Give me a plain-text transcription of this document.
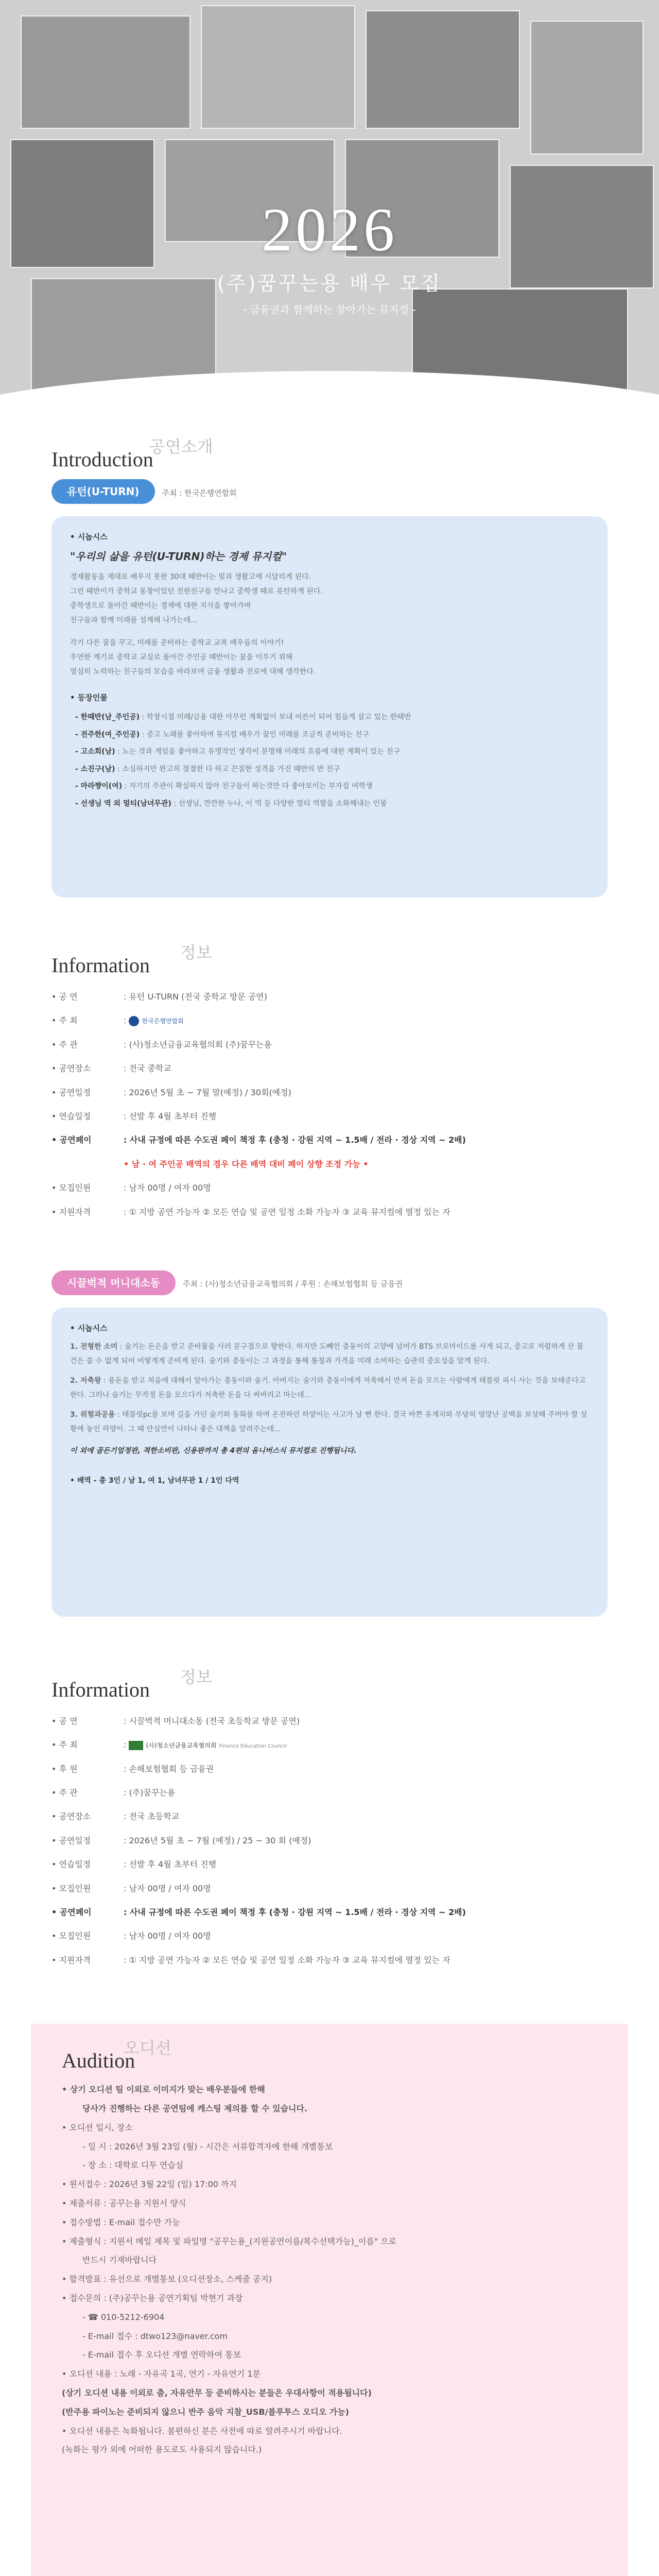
2026
(주)꿈꾸는용 배우 모집
- 금융권과 함께하는 찾아가는 뮤지컬 -
Introduction
공연소개
유턴(U-TURN)	주최 : 한국은행연합회
• 시놉시스
"우리의 삶을 유턴(U-TURN)하는 경제 뮤지컬"

경제활동을 제대로 배우지 못한 30대 때반이는 빚과 생활고에 시달리게 된다.

그런 때반이가 중학교 동창이었던 친한친구들 만나고 중학생 때로 유턴하게 된다.

중학생으로 돌아간 때반이는 경제에 대한 지식을 쌓아가며

친구들과 함께 미래를 설계해 나가는데...

각기 다른 꿈을 꾸고, 미래를 준비하는 중학교 교복 배우들의 이야기!

우연한 계기로 중학교 교실로 돌아간 주인공 때반이는 꿈을 이루기 위해

열심히 노력하는 친구들의 모습을 바라보며 금융 생활과 진로에 대해 생각한다.

• 등장인물
- 한때반(남_주인공) : 학창시절 미래/금융 대한 아무런 계획없이 보내 어른이 되어 힘들게 살고 있는 한때반
- 전주한(여_주인공) : 중고 노래를 좋아하며 뮤지컬 배우가 꿈인 미래를 조금씩 준비하는 친구
- 고소희(남) : 노는 것과 게임을 좋아하고 유명작인 생각이 분명해 미래의 흐름에 대한 계획이 있는 친구
- 소진구(남) : 소심하지만 완고히 절절한 다 하고 끈질한 성격을 가진 때반의 반 친구
- 마라쨩이(여) : 자기의 주관이 확실하지 않아 친구들이 하는것만 다 좋아보이는 부자집 여학생
- 선생님 역 외 멀티(남녀무관) : 선생님, 깐깐한 누나, 이 역 등 다양한 멀티 역할을 소화해내는 인물
Information
정보
• 공 연	: 유턴 U-TURN (전국 중학교 방문 공연)
• 주 최	:  한국은행연합회
• 주 관	: (사)청소년금융교육협의회 (주)꿈꾸는용
• 공연장소	: 전국 중학교
• 공연일정	: 2026년 5월 초 ~ 7월 말(예정) / 30회(예정)
• 연습일정	: 선발 후 4월 초부터 진행
• 공연페이	: 사내 규정에 따른 수도권 페이 책정 후 (충청 · 강원 지역 ~ 1.5배 / 전라 · 경상 지역 ~ 2배)
• 남 · 여 주인공 배역의 경우 다른 배역 대비 페이 상향 조정 가능 •
• 모집인원	: 남자 00명 / 여자 00명
• 지원자격	: ① 지방 공연 가능자 ② 모든 연습 및 공연 일정 소화 가능자 ③ 교육 뮤지컬에 열정 있는 자
시끌벅적 머니대소동	주최 : (사)청소년금융교육협의회 / 후원 : 손해보험협회 등 금융권
• 시놉시스

1. 전형한 소미 : 술기는 돈은을 받고 준비물을 사러 문구점으로 향한다. 하지만 도빼인 충동이의 고양에 넘어가 BTS 브로마이드를 사게 되고, 중고로 저렴하게 산 물건은 쓸 수 없게 되어 어떻게게 준비게 된다. 술기와 충동이는 그 과정을 통해 통칭과 가격을 미래 소비하는 습관의 중요성을 알게 된다.

2. 저축왕 : 용돈을 받고 처음에 대해서 알아가는 충동이와 술기. 아버지는 술기와 충동이에게 저축해서 만져 돈을 모으는 사람에게 태블릿 피시 사는 것을 보태준다고 한다. 그러나 술기는 무작정 돈을 모으다가 저축한 돈을 다 써버리고 마는데...

3. 위험과공용 : 태블릿pc를 보며 길을 가던 술기와 동화를 하며 온전하던 하양이는 사고가 날 뻔 한다. 결국 바쁜 유재치와 부당히 엉망난 공백을 보상해 주머야 할 상황에 놓인 하양이. 그 때 안심먼이 나타나 좋은 대책을 알려주는데...

이 외에 골든기업정판, 적한소비판, 신용판까지 총 4편의 옴니버스식 뮤지컬로 진행됩니다.

• 배역 - 총 3인 / 남 1, 여 1, 남녀무관 1 / 1인 다역

Information
정보
• 공 연	: 시끌벅적 머니대소동 (전국 초등학교 방문 공연)
• 주 최	:	(사)청소년금융교육협의회 Finance Education Council
• 후 원	: 손해보험협회 등 금융권
• 주 관	: (주)꿈꾸는용
• 공연장소	: 전국 초등학교
• 공연일정	: 2026년 5월 초 ~ 7월 (예정) / 25 ~ 30 회 (예정)
• 연습일정	: 선발 후 4월 초부터 진행
• 모집인원	: 남자 00명 / 여자 00명
• 공연페이	: 사내 규정에 따른 수도권 페이 책정 후 (충청 · 강원 지역 ~ 1.5배 / 전라 · 경상 지역 ~ 2배)
• 모집인원	: 남자 00명 / 여자 00명
• 지원자격	: ① 지방 공연 가능자 ② 모든 연습 및 공연 일정 소화 가능자 ③ 교육 뮤지컬에 열정 있는 자
Audition
오디션
• 상기 오디션 팀 이외로 이미지가 맞는 배우분들에 한해
당사가 진행하는 다른 공연팀에 캐스팅 제의를 할 수 있습니다.
• 오디션 일시, 장소
- 일 시 : 2026년 3월 23일 (월) - 시간은 서류합격자에 한해 개별통보
- 장 소 : 대학로 디투 연습실
• 원서접수 : 2026년 3월 22일 (일) 17:00 까지
• 제출서류 : 공꾸는용 지원서 양식
• 접수방법 : E-mail 접수만 가능
• 제출형식 : 지원서 메일 제목 및 파일명 "공꾸는용_(지원공연이름/복수선택가능)_이름" 으로
반드시 기재바랍니다
• 합격발표 : 유선으로 개별통보 (오디션장소, 스케줄 공지)
• 접수문의 : (주)공꾸는용 공연기획팀 박현기 과장
- ☎ 010-5212-6904
- E-mail 접수 : dtwo123@naver.com
- E-mail 접수 후 오디션 개별 연락하여 통보
• 오디션 내용 : 노래 - 자유곡 1곡, 연기 - 자유연기 1분
(상기 오디션 내용 이외로 춤, 자유안무 등 준비하시는 분들은 우대사항이 적용됩니다)
(반주용 파이노는 준비되지 않으니 반주 음악 지참_USB/블루투스 오디오 가능)
• 오디션 내용은 녹화됩니다. 불편하신 분은 사전에 따로 알려주시기 바랍니다.
(녹화는 평가 외에 어떠한 용도로도 사용되지 않습니다.)
